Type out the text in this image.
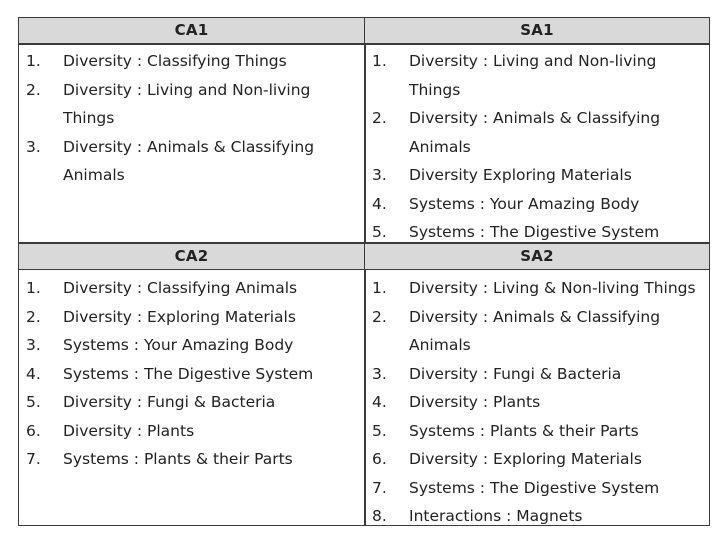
CA1	SA1
CA2	SA2
1. Diversity : Classifying Things
2. Diversity : Living and Non-living Things
3. Diversity : Animals & Classifying Animals
1. Diversity : Living and Non-living Things
2. Diversity : Animals & Classifying Animals
3. Diversity Exploring Materials
4. Systems : Your Amazing Body
5. Systems : The Digestive System
1. Diversity : Classifying Animals
2. Diversity : Exploring Materials
3. Systems : Your Amazing Body
4. Systems : The Digestive System
5. Diversity : Fungi & Bacteria
6. Diversity : Plants
7. Systems : Plants & their Parts
1. Diversity : Living & Non-living Things
2. Diversity : Animals & Classifying Animals
3. Diversity : Fungi & Bacteria
4. Diversity : Plants
5. Systems : Plants & their Parts
6. Diversity : Exploring Materials
7. Systems : The Digestive System
8. Interactions : Magnets
